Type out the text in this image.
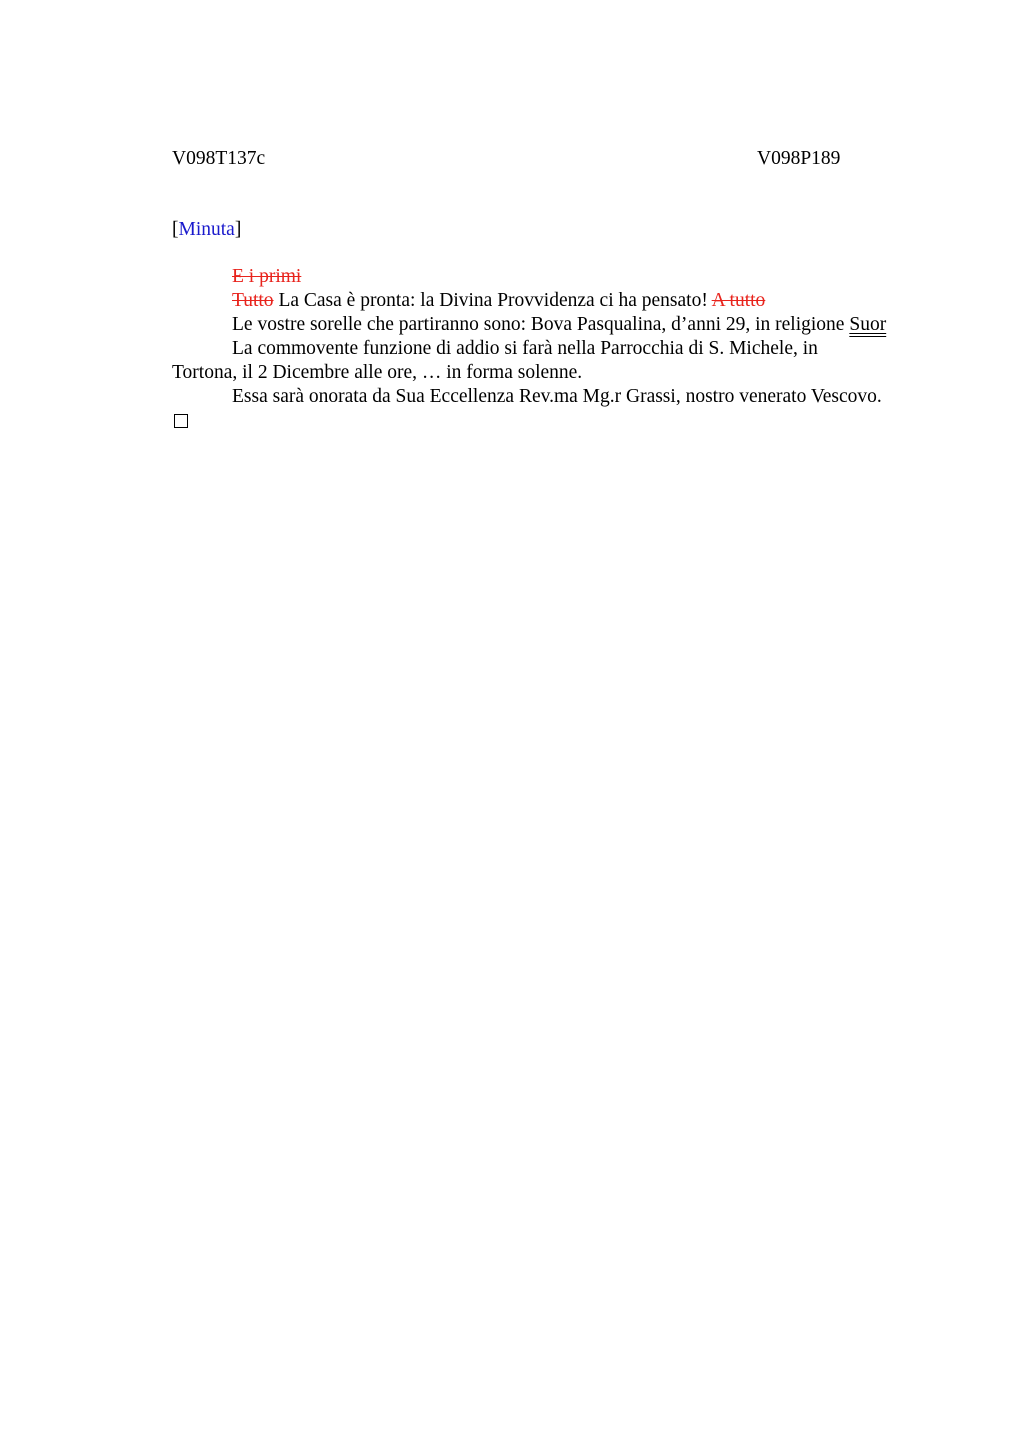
V098T137c	V098P189
[Minuta]

E i primi

Tutto La Casa è pronta: la Divina Provvidenza ci ha pensato! A tutto

Le vostre sorelle che partiranno sono: Bova Pasqualina, d’anni 29, in religione Suor

La commovente funzione di addio si farà nella Parrocchia di S. Michele, in Tortona, il 2 Dicembre alle ore, … in forma solenne.

Essa sarà onorata da Sua Eccellenza Rev.ma Mg.r Grassi, nostro venerato Vescovo.
